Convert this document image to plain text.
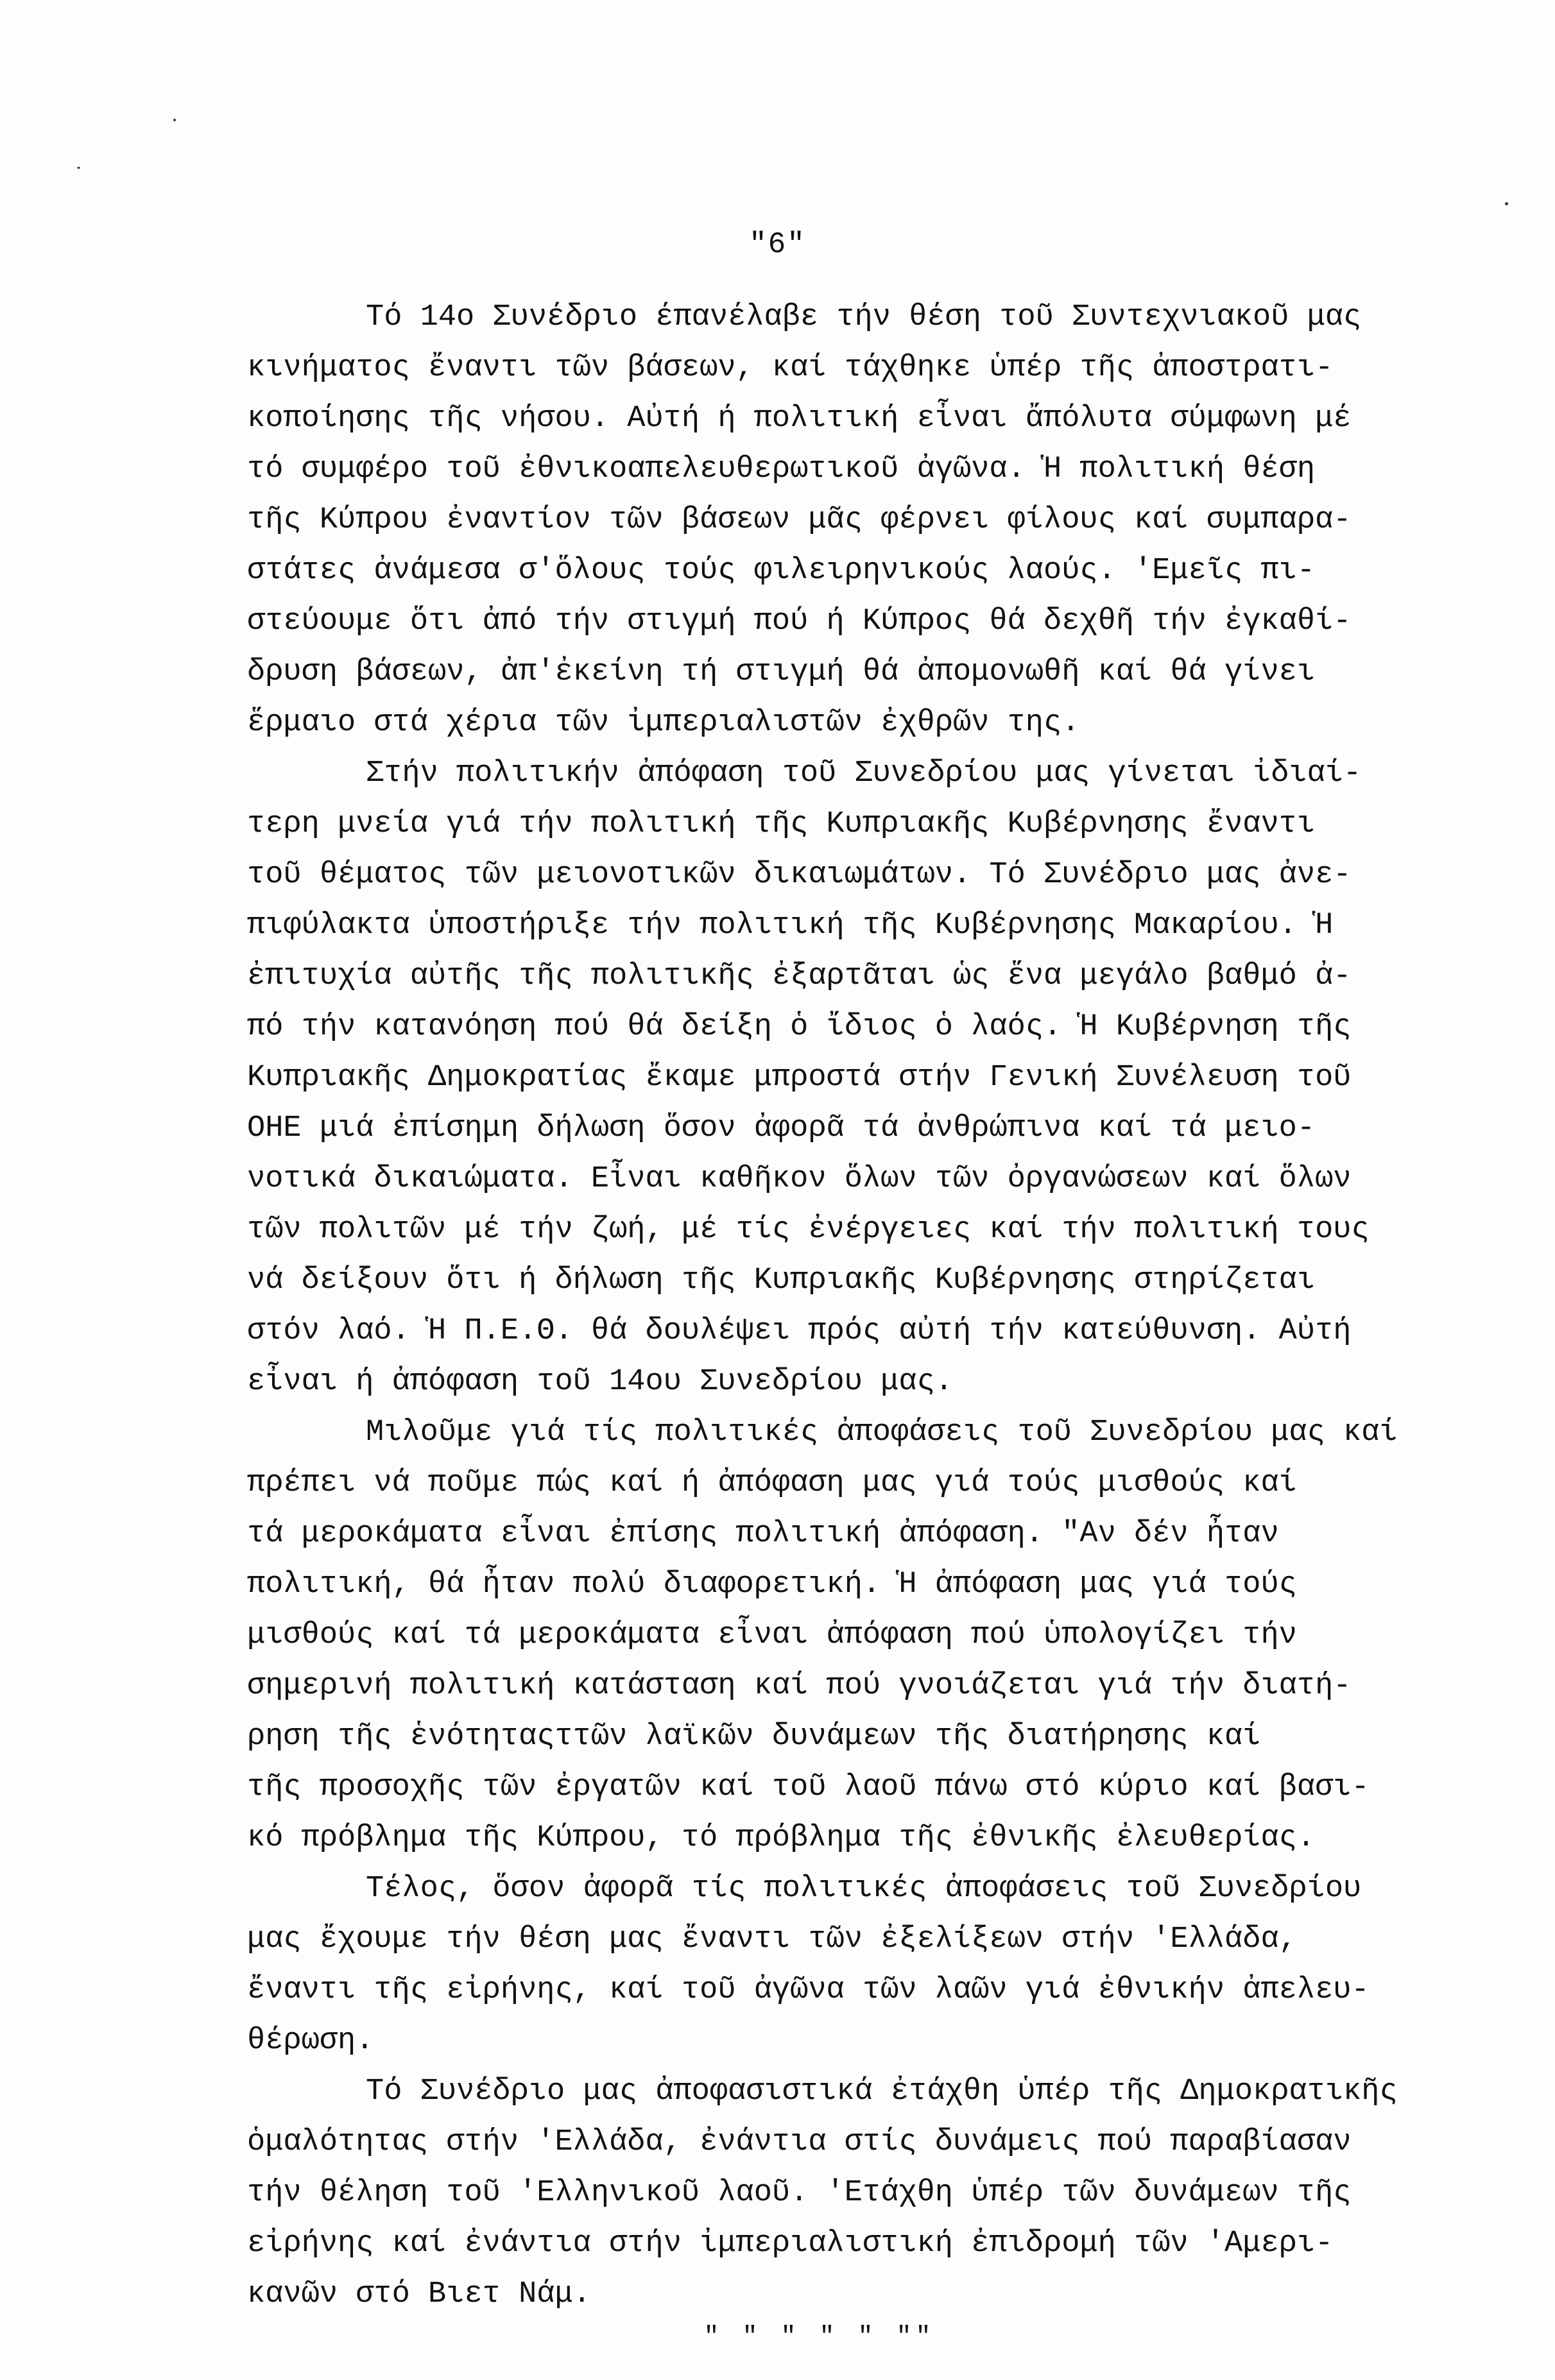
"6"
Τό 14ο Συνέδριο έπανέλαβε τήν θέση τοῦ Συντεχνιακοῦ μας
κινήματος ἔναντι τῶν βάσεων, καί τάχθηκε ὑπέρ τῆς ἀποστρατι-
κοποίησης τῆς νήσου. Αὐτή ή πολιτική εἶναι ἄπόλυτα σύμφωνη μέ
τό συμφέρο τοῦ ἐθνικοαπελευθερωτικοῦ ἀγῶνα. Ἡ πολιτική θέση
τῆς Κύπρου ἐναντίον τῶν βάσεων μᾶς φέρνει φίλους καί συμπαρα-
στάτες ἀνάμεσα σ'ὅλους τούς φιλειρηνικούς λαούς. 'Εμεῖς πι-
στεύουμε ὅτι ἀπό τήν στιγμή πού ή Κύπρος θά δεχθῆ τήν ἐγκαθί-
δρυση βάσεων, ἀπ'ἐκείνη τή στιγμή θά ἀπομονωθῆ καί θά γίνει
ἕρμαιο στά χέρια τῶν ἰμπεριαλιστῶν ἐχθρῶν της.
Στήν πολιτικήν ἀπόφαση τοῦ Συνεδρίου μας γίνεται ἰδιαί-
τερη μνεία γιά τήν πολιτική τῆς Κυπριακῆς Κυβέρνησης ἔναντι
τοῦ θέματος τῶν μειονοτικῶν δικαιωμάτων. Τό Συνέδριο μας ἀνε-
πιφύλακτα ὑποστήριξε τήν πολιτική τῆς Κυβέρνησης Μακαρίου. Ἡ
ἐπιτυχία αὐτῆς τῆς πολιτικῆς ἐξαρτᾶται ὡς ἕνα μεγάλο βαθμό ἀ-
πό τήν κατανόηση πού θά δείξη ὁ ἴδιος ὁ λαός. Ἡ Κυβέρνηση τῆς
Κυπριακῆς Δημοκρατίας ἔκαμε μπροστά στήν Γενική Συνέλευση τοῦ
ΟΗΕ μιά ἐπίσημη δήλωση ὅσον ἀφορᾶ τά ἀνθρώπινα καί τά μειο-
νοτικά δικαιώματα. Εἶναι καθῆκον ὅλων τῶν ὀργανώσεων καί ὅλων
τῶν πολιτῶν μέ τήν ζωή, μέ τίς ἐνέργειες καί τήν πολιτική τους
νά δείξουν ὅτι ή δήλωση τῆς Κυπριακῆς Κυβέρνησης στηρίζεται
στόν λαό. Ἡ Π.Ε.Θ. θά δουλέψει πρός αὐτή τήν κατεύθυνση. Αὐτή
εἶναι ή ἀπόφαση τοῦ 14ου Συνεδρίου μας.
Μιλοῦμε γιά τίς πολιτικές ἀποφάσεις τοῦ Συνεδρίου μας καί
πρέπει νά ποῦμε πώς καί ή ἀπόφαση μας γιά τούς μισθούς καί
τά μεροκάματα εἶναι ἐπίσης πολιτική ἀπόφαση. "Αν δέν ἦταν
πολιτική, θά ἦταν πολύ διαφορετική. Ἡ ἀπόφαση μας γιά τούς
μισθούς καί τά μεροκάματα εἶναι ἀπόφαση πού ὑπολογίζει τήν
σημερινή πολιτική κατάσταση καί πού γνοιάζεται γιά τήν διατή-
ρηση τῆς ἑνότηταςττῶν λαϊκῶν δυνάμεων τῆς διατήρησης καί
τῆς προσοχῆς τῶν ἐργατῶν καί τοῦ λαοῦ πάνω στό κύριο καί βασι-
κό πρόβλημα τῆς Κύπρου, τό πρόβλημα τῆς ἐθνικῆς ἐλευθερίας.
Τέλος, ὅσον ἀφορᾶ τίς πολιτικές ἀποφάσεις τοῦ Συνεδρίου
μας ἔχουμε τήν θέση μας ἔναντι τῶν ἐξελίξεων στήν 'Ελλάδα,
ἔναντι τῆς εἰρήνης, καί τοῦ ἀγῶνα τῶν λαῶν γιά ἐθνικήν ἀπελευ-
θέρωση.
Τό Συνέδριο μας ἀποφασιστικά ἐτάχθη ὑπέρ τῆς Δημοκρατικῆς
ὁμαλότητας στήν 'Ελλάδα, ἐνάντια στίς δυνάμεις πού παραβίασαν
τήν θέληση τοῦ 'Ελληνικοῦ λαοῦ. 'Ετάχθη ὑπέρ τῶν δυνάμεων τῆς
εἰρήνης καί ἐνάντια στήν ἰμπεριαλιστική ἐπιδρομή τῶν 'Αμερι-
κανῶν στό Βιετ Νάμ.
" " " " " ""
